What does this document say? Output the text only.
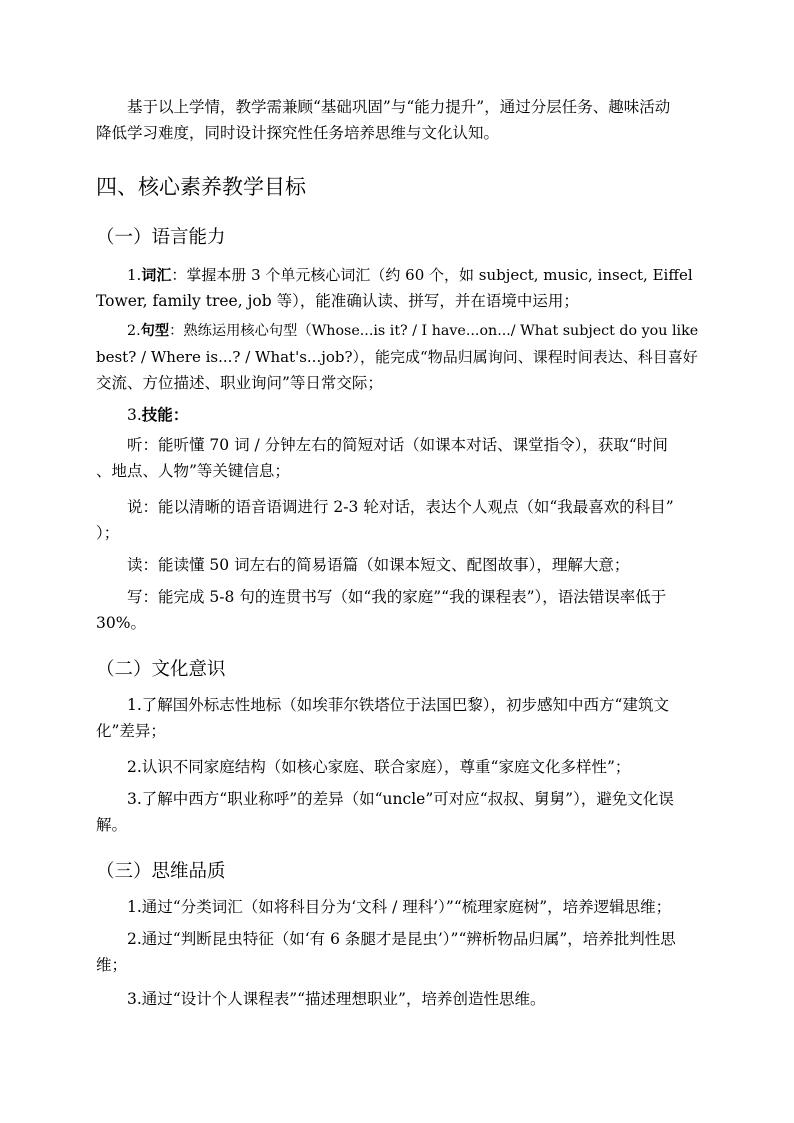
基于以上学情，教学需兼顾“基础巩固”与“能力提升”，通过分层任务、趣味活动
降低学习难度，同时设计探究性任务培养思维与文化认知。
四、核心素养教学目标
（一）语言能力
1.词汇：掌握本册 3 个单元核心词汇（约 60 个，如 subject, music, insect, Eiffel
Tower, family tree, job 等），能准确认读、拼写，并在语境中运用；
2.句型：熟练运用核心句型（Whose...is it? / I have...on.../ What subject do you like
best? / Where is...? / What's...job?），能完成“物品归属询问、课程时间表达、科目喜好
交流、方位描述、职业询问”等日常交际；
3.技能：
听：能听懂 70 词 / 分钟左右的简短对话（如课本对话、课堂指令），获取“时间
、地点、人物”等关键信息；
说：能以清晰的语音语调进行 2-3 轮对话，表达个人观点（如“我最喜欢的科目”
）；
读：能读懂 50 词左右的简易语篇（如课本短文、配图故事），理解大意；
写：能完成 5-8 句的连贯书写（如“我的家庭”“我的课程表”），语法错误率低于
30%。
（二）文化意识
1.了解国外标志性地标（如埃菲尔铁塔位于法国巴黎），初步感知中西方“建筑文
化”差异；
2.认识不同家庭结构（如核心家庭、联合家庭），尊重“家庭文化多样性”；
3.了解中西方“职业称呼”的差异（如“uncle”可对应“叔叔、舅舅”），避免文化误
解。
（三）思维品质
1.通过“分类词汇（如将科目分为‘文科 / 理科’）”“梳理家庭树”，培养逻辑思维；
2.通过“判断昆虫特征（如‘有 6 条腿才是昆虫’）”“辨析物品归属”，培养批判性思
维；
3.通过“设计个人课程表”“描述理想职业”，培养创造性思维。
